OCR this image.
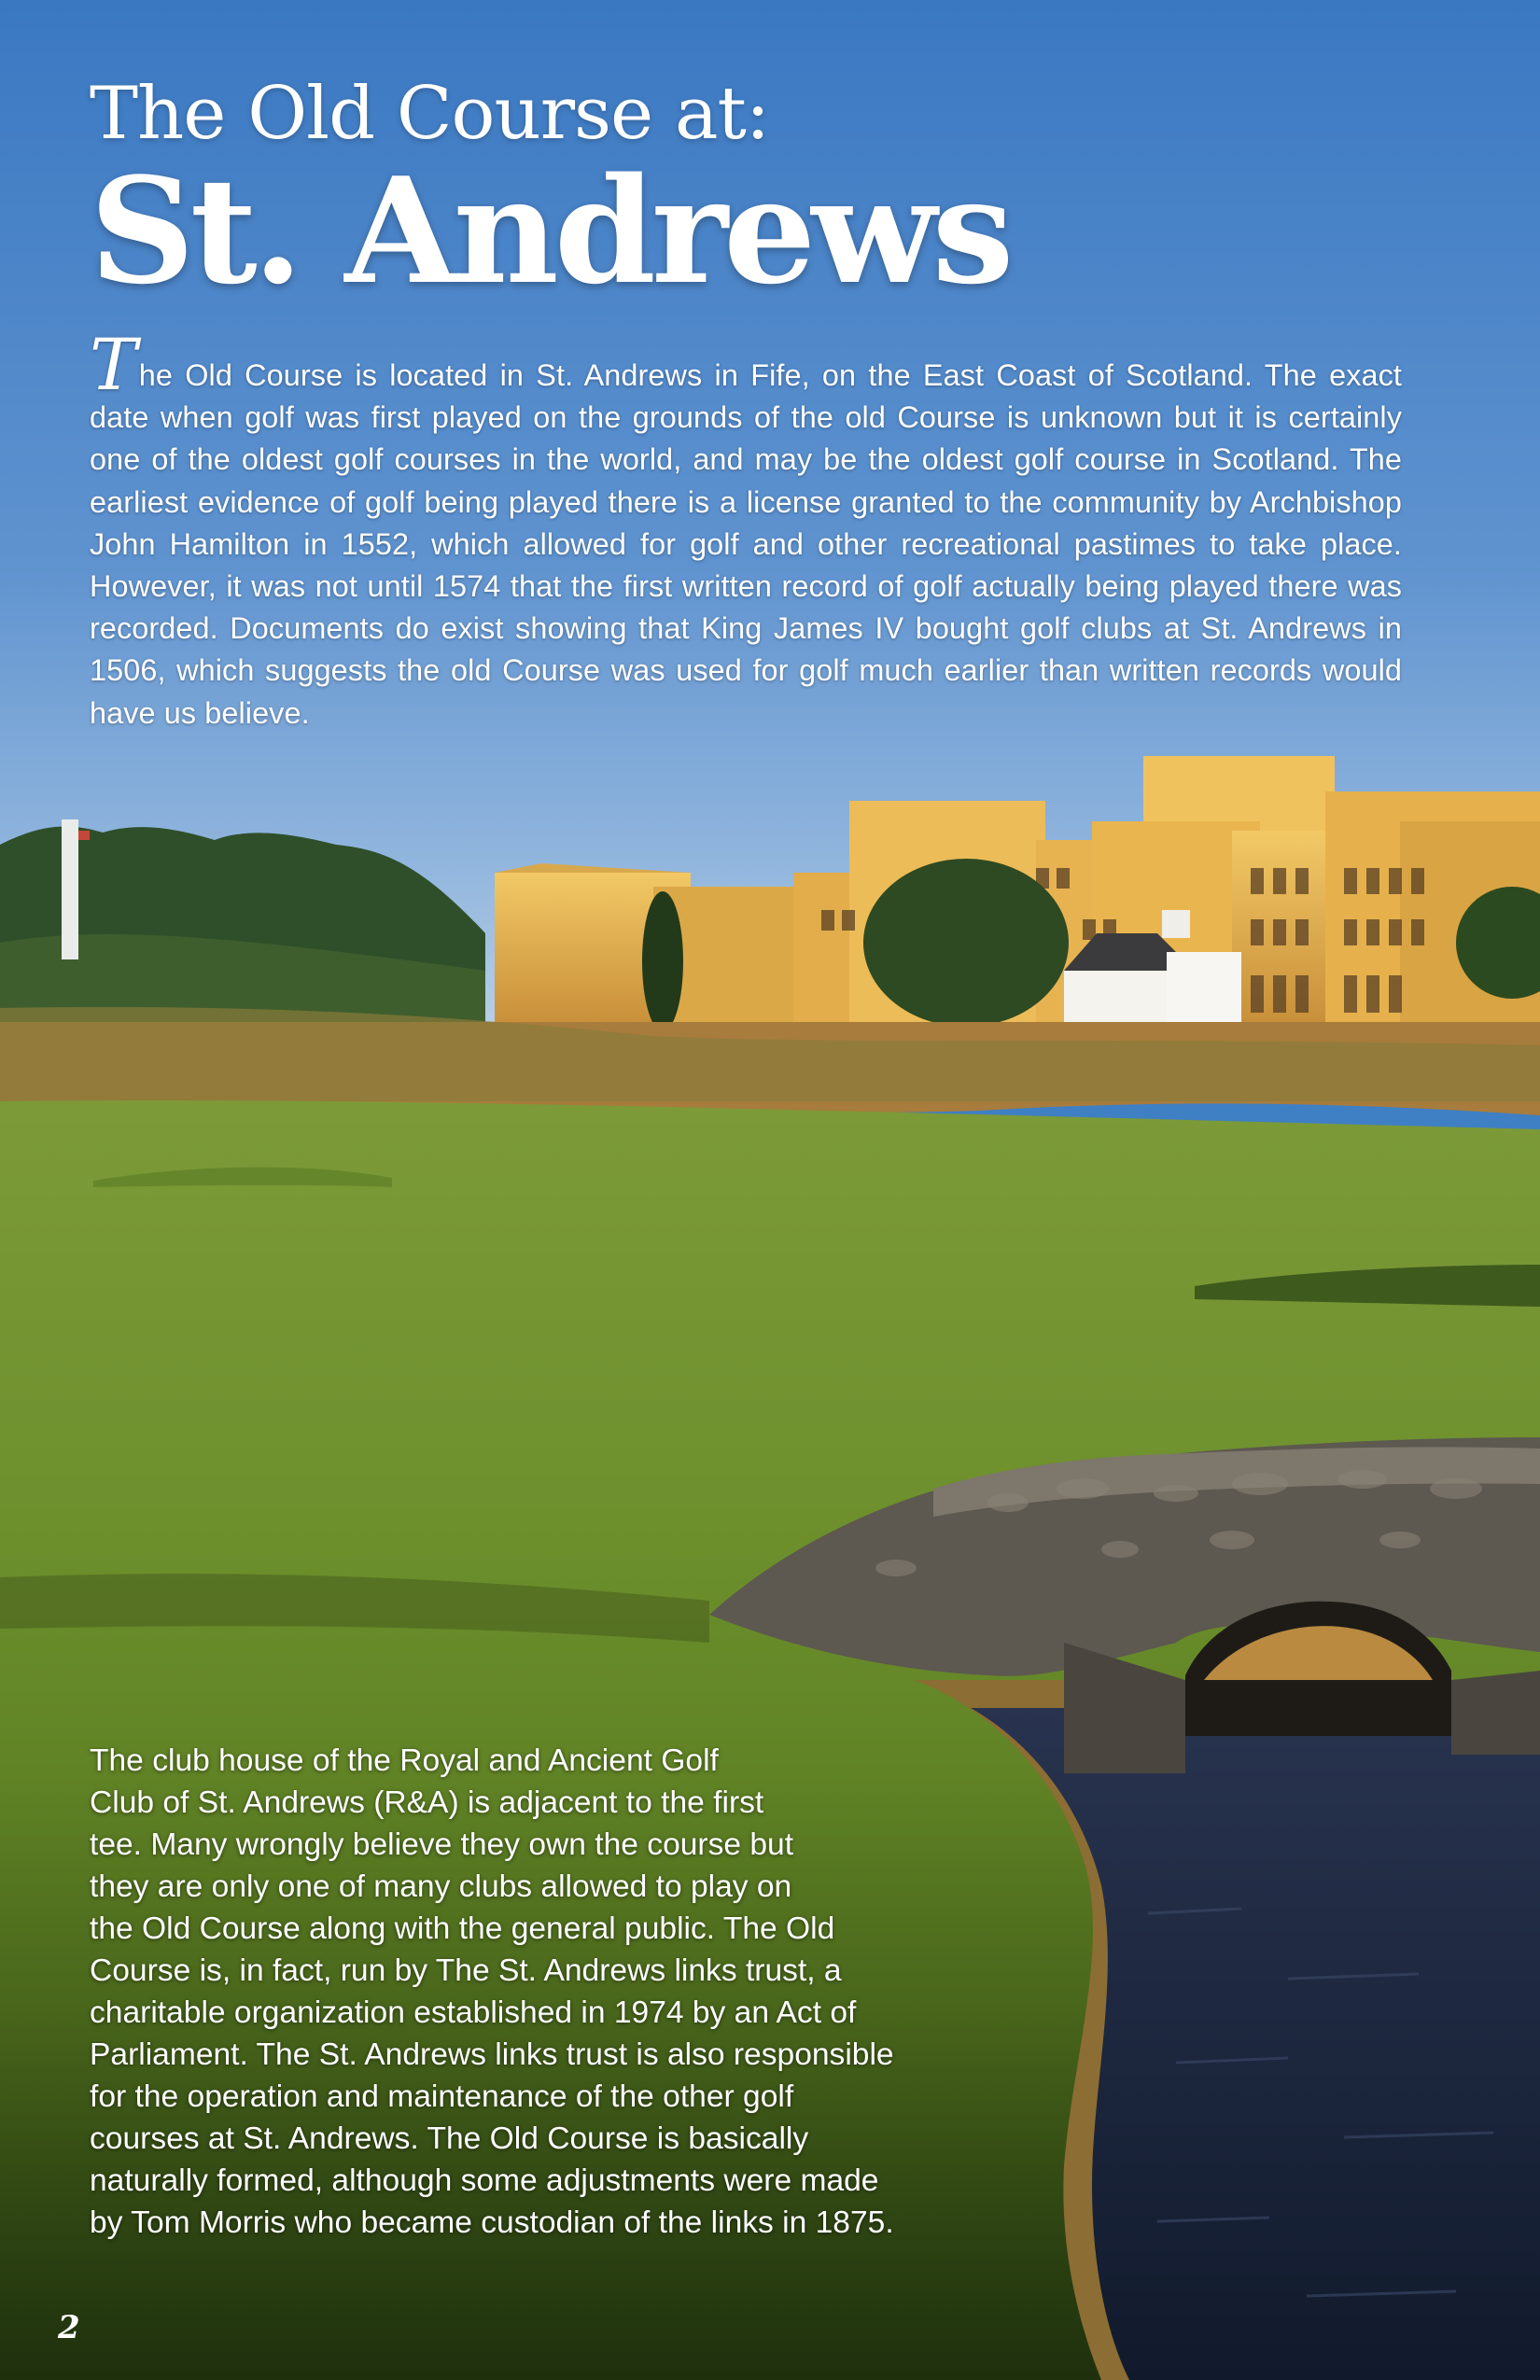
The Old Course at:
St. Andrews

The Old Course is located in St. Andrews in Fife, on the East Coast of Scotland. The exact date when golf was first played on the grounds of the old Course is unknown but it is certainly one of the oldest golf courses in the world, and may be the oldest golf course in Scotland. The earliest evidence of golf being played there is a license granted to the community by Archbishop John Hamilton in 1552, which allowed for golf and other recreational pastimes to take place. However, it was not until 1574 that the first written record of golf actually being played there was recorded. Documents do exist showing that King James IV bought golf clubs at St. Andrews in 1506, which suggests the old Course was used for golf much earlier than written records would have us believe.

The club house of the Royal and Ancient Golf
Club of St. Andrews (R&A) is adjacent to the first
tee. Many wrongly believe they own the course but
they are only one of many clubs allowed to play on
the Old Course along with the general public. The Old
Course is, in fact, run by The St. Andrews links trust, a
charitable organization established in 1974 by an Act of
Parliament. The St. Andrews links trust is also responsible
for the operation and maintenance of the other golf
courses at St. Andrews. The Old Course is basically
naturally formed, although some adjustments were made
by Tom Morris who became custodian of the links in 1875.
2
